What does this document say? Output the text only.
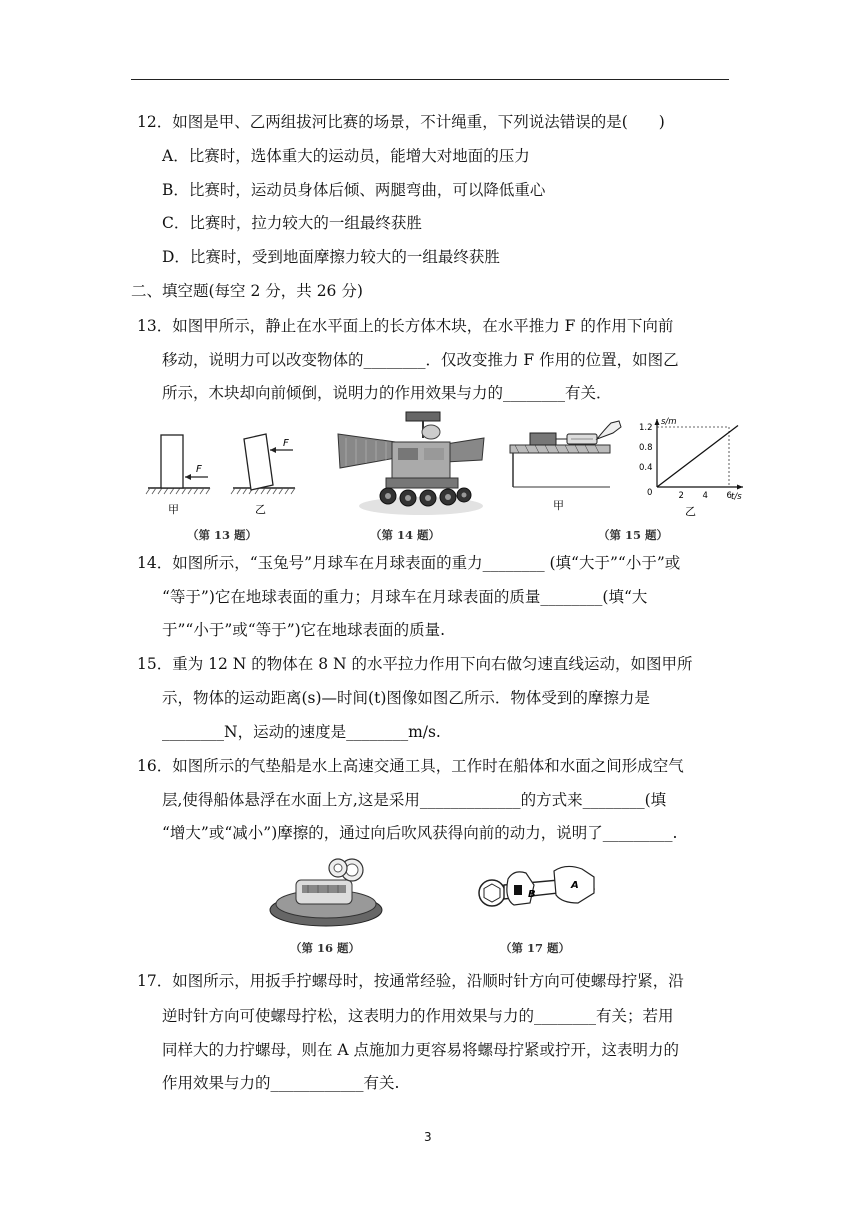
12．如图是甲、乙两组拔河比赛的场景，不计绳重，下列说法错误的是(　　)
A．比赛时，选体重大的运动员，能增大对地面的压力
B．比赛时，运动员身体后倾、两腿弯曲，可以降低重心
C．比赛时，拉力较大的一组最终获胜
D．比赛时，受到地面摩擦力较大的一组最终获胜
二、填空题(每空 2 分，共 26 分)
13．如图甲所示，静止在水平面上的长方体木块，在水平推力 F 的作用下向前
移动，说明力可以改变物体的________．仅改变推力 F 作用的位置，如图乙
所示，木块却向前倾倒，说明力的作用效果与力的________有关．
F
F
甲	乙
（第 13 题）	（第 14 题）
甲
s/m
t/s
0
0.4
0.8
1.2
2 4 6
乙
（第 15 题）
14．如图所示，“玉兔号”月球车在月球表面的重力________ (填“大于”“小于”或
“等于”)它在地球表面的重力；月球车在月球表面的质量________(填“大
于”“小于”或“等于”)它在地球表面的质量.
15．重为 12 N 的物体在 8 N 的水平拉力作用下向右做匀速直线运动，如图甲所
示，物体的运动距离(s)—时间(t)图像如图乙所示．物体受到的摩擦力是
________N，运动的速度是________m/s.
16．如图所示的气垫船是水上高速交通工具，工作时在船体和水面之间形成空气
层,使得船体悬浮在水面上方,这是采用_____________的方式来________(填
“增大”或“减小”)摩擦的，通过向后吹风获得向前的动力，说明了_________.
（第 16 题）
B
A
（第 17 题）
17．如图所示，用扳手拧螺母时，按通常经验，沿顺时针方向可使螺母拧紧，沿
逆时针方向可使螺母拧松，这表明力的作用效果与力的________有关；若用
同样大的力拧螺母，则在 A 点施加力更容易将螺母拧紧或拧开，这表明力的
作用效果与力的____________有关.
3
